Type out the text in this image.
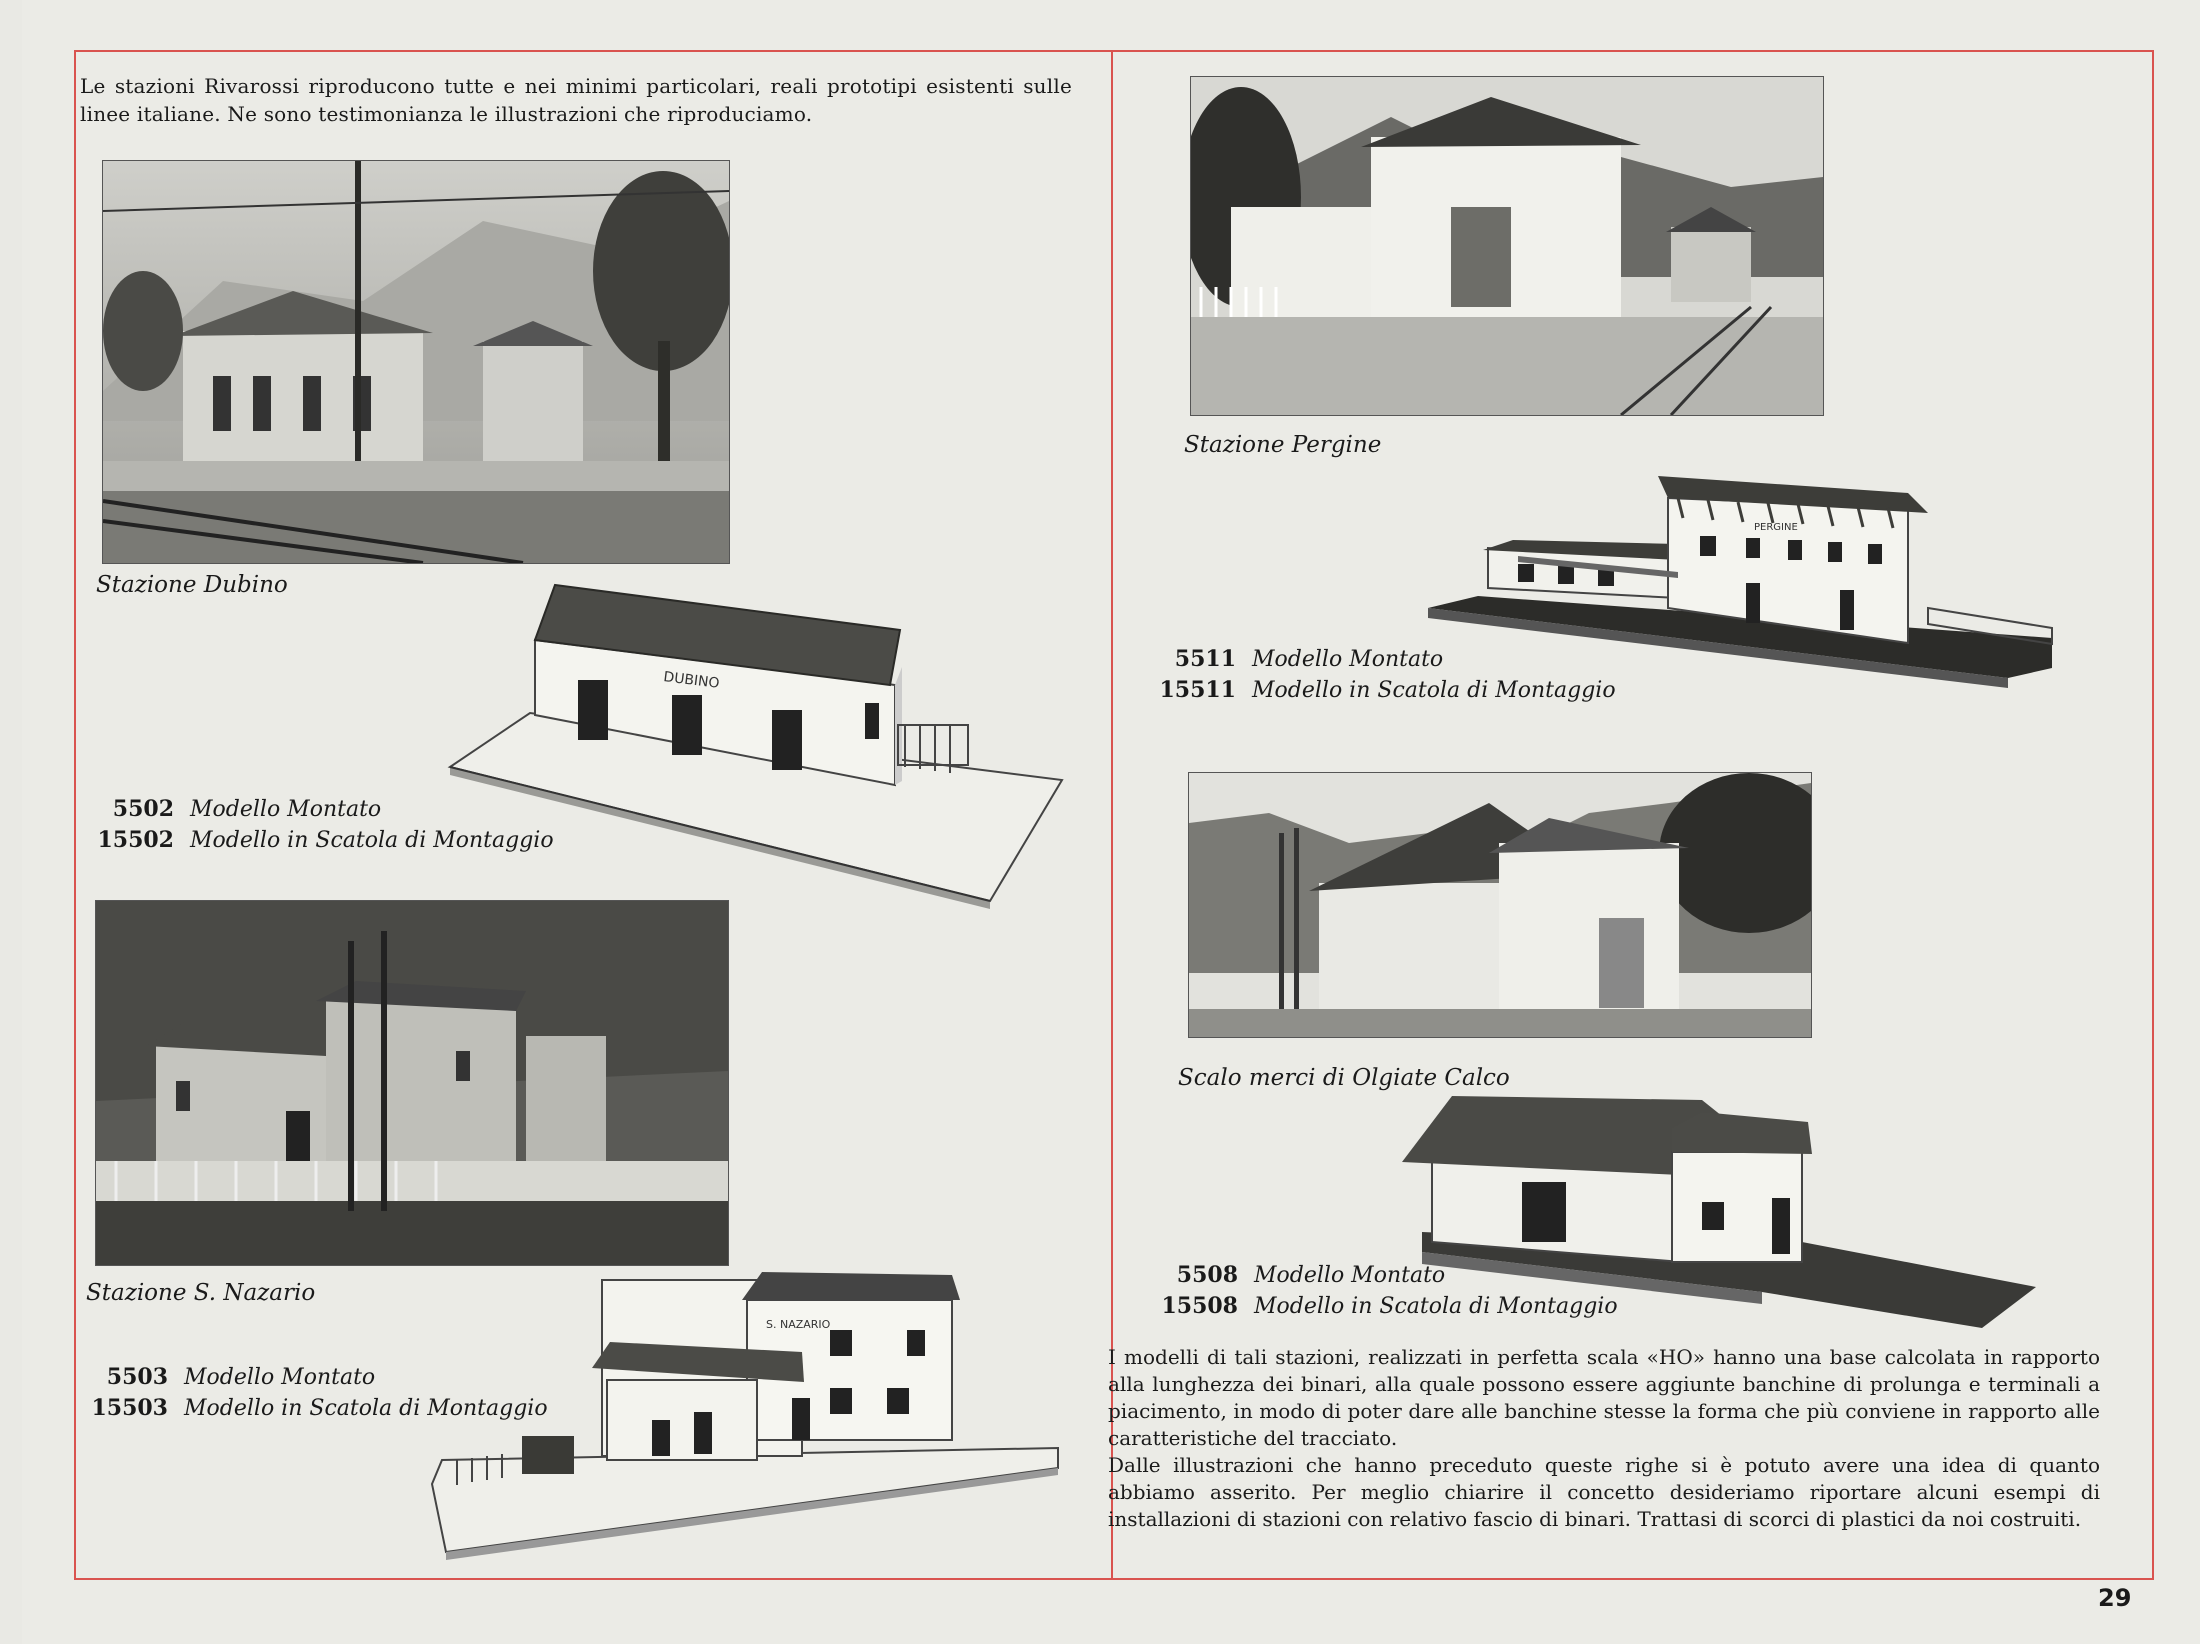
Le stazioni Rivarossi riproducono tutte e nei minimi particolari, reali prototipi esistenti sulle linee italiane. Ne sono testimonianza le illustrazioni che riproduciamo.
Stazione Dubino
DUBINO
5502 Modello Montato
15502 Modello in Scatola di Montaggio
Stazione S. Nazario
S. NAZARIO
5503 Modello Montato
15503 Modello in Scatola di Montaggio
Stazione Pergine
PERGINE
5511 Modello Montato
15511 Modello in Scatola di Montaggio
Scalo merci di Olgiate Calco
5508 Modello Montato
15508 Modello in Scatola di Montaggio

I modelli di tali stazioni, realizzati in perfetta scala «HO» hanno una base calcolata in rapporto alla lunghezza dei binari, alla quale possono essere aggiunte banchine di prolunga e terminali a piacimento, in modo di poter dare alle banchine stesse la forma che più conviene in rapporto alle caratteristiche del tracciato.

Dalle illustrazioni che hanno preceduto queste righe si è potuto avere una idea di quanto abbiamo asserito. Per meglio chiarire il concetto desideriamo riportare alcuni esempi di installazioni di stazioni con relativo fascio di binari. Trattasi di scorci di plastici da noi costruiti.

29
